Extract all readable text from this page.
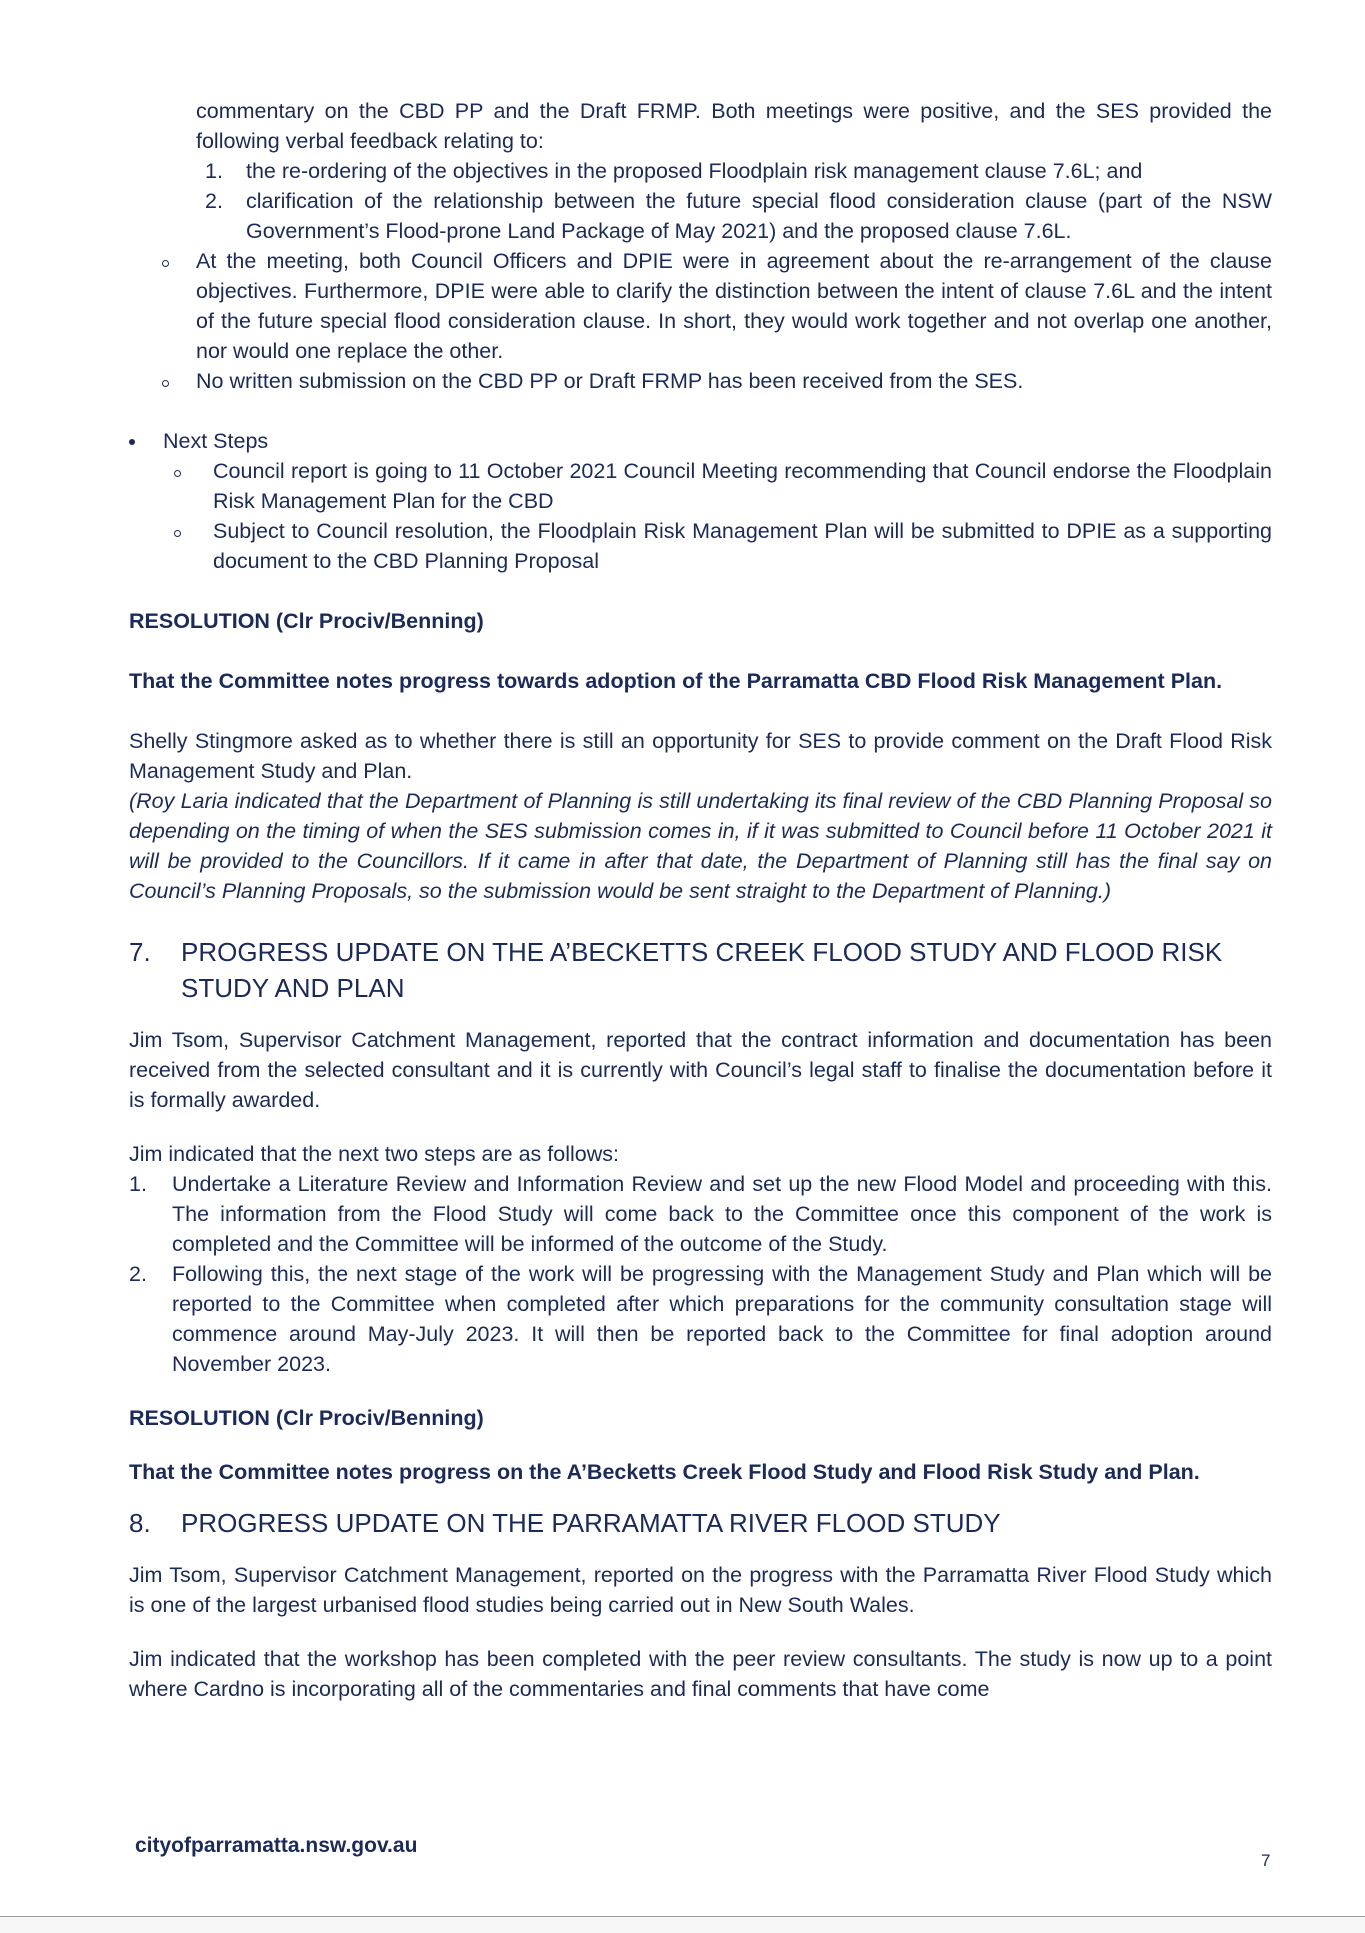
commentary on the CBD PP and the Draft FRMP. Both meetings were positive, and the SES provided the following verbal feedback relating to:

1. the re-ordering of the objectives in the proposed Floodplain risk management clause 7.6L; and
2. clarification of the relationship between the future special flood consideration clause (part of the NSW Government’s Flood-prone Land Package of May 2021) and the proposed clause 7.6L.
At the meeting, both Council Officers and DPIE were in agreement about the re-arrangement of the clause objectives. Furthermore, DPIE were able to clarify the distinction between the intent of clause 7.6L and the intent of the future special flood consideration clause. In short, they would work together and not overlap one another, nor would one replace the other.
No written submission on the CBD PP or Draft FRMP has been received from the SES.
Next Steps
Council report is going to 11 October 2021 Council Meeting recommending that Council endorse the Floodplain Risk Management Plan for the CBD
Subject to Council resolution, the Floodplain Risk Management Plan will be submitted to DPIE as a supporting document to the CBD Planning Proposal

RESOLUTION (Clr Prociv/Benning)

That the Committee notes progress towards adoption of the Parramatta CBD Flood Risk Management Plan.

Shelly Stingmore asked as to whether there is still an opportunity for SES to provide comment on the Draft Flood Risk Management Study and Plan.

(Roy Laria indicated that the Department of Planning is still undertaking its final review of the CBD Planning Proposal so depending on the timing of when the SES submission comes in, if it was submitted to Council before 11 October 2021 it will be provided to the Councillors. If it came in after that date, the Department of Planning still has the final say on Council’s Planning Proposals, so the submission would be sent straight to the Department of Planning.)

7. PROGRESS UPDATE ON THE A’BECKETTS CREEK FLOOD STUDY AND FLOOD RISK STUDY AND PLAN

Jim Tsom, Supervisor Catchment Management, reported that the contract information and documentation has been received from the selected consultant and it is currently with Council’s legal staff to finalise the documentation before it is formally awarded.

Jim indicated that the next two steps are as follows:

1. Undertake a Literature Review and Information Review and set up the new Flood Model and proceeding with this. The information from the Flood Study will come back to the Committee once this component of the work is completed and the Committee will be informed of the outcome of the Study.
2. Following this, the next stage of the work will be progressing with the Management Study and Plan which will be reported to the Committee when completed after which preparations for the community consultation stage will commence around May-July 2023. It will then be reported back to the Committee for final adoption around November 2023.

RESOLUTION (Clr Prociv/Benning)

That the Committee notes progress on the A’Becketts Creek Flood Study and Flood Risk Study and Plan.

8. PROGRESS UPDATE ON THE PARRAMATTA RIVER FLOOD STUDY

Jim Tsom, Supervisor Catchment Management, reported on the progress with the Parramatta River Flood Study which is one of the largest urbanised flood studies being carried out in New South Wales.

Jim indicated that the workshop has been completed with the peer review consultants. The study is now up to a point where Cardno is incorporating all of the commentaries and final comments that have come

cityofparramatta.nsw.gov.au
7
